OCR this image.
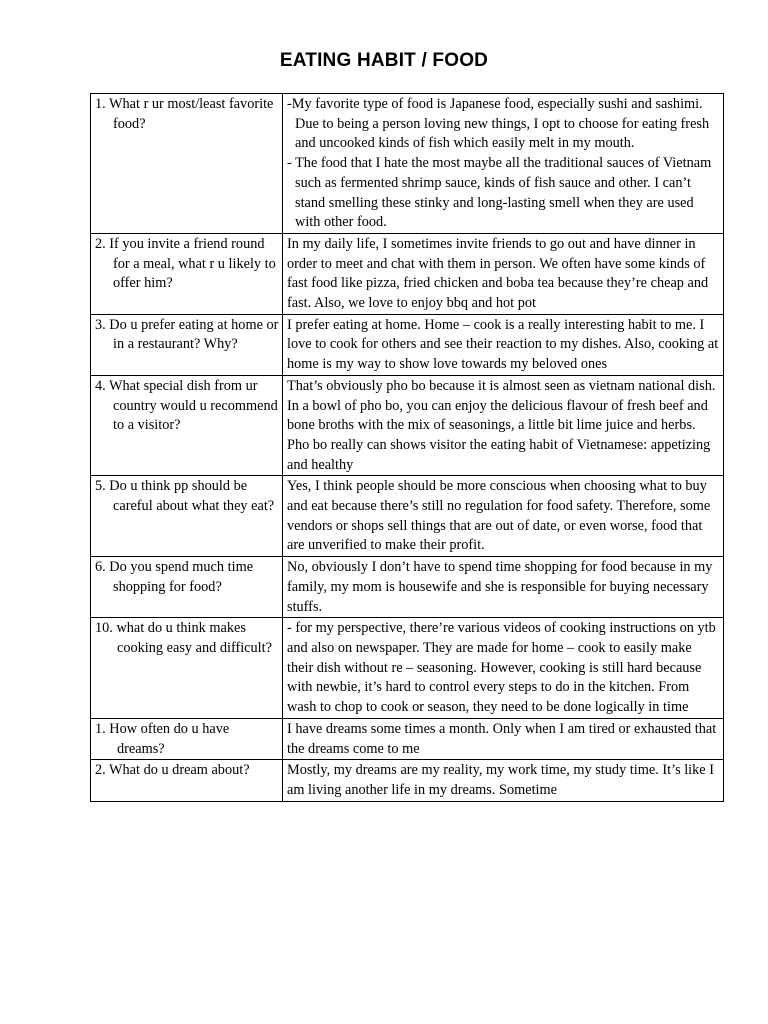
EATING HABIT / FOOD
1. What r ur most/least favorite food?	-My favorite type of food is Japanese food, especially sushi and sashimi. Due to being a person loving new things, I opt to choose for eating fresh and uncooked kinds of fish which easily melt in my mouth.
- The food that I hate the most maybe all the traditional sauces of Vietnam such as fermented shrimp sauce, kinds of fish sauce and other. I can’t stand smelling these stinky and long-lasting smell when they are used with other food.

2. If you invite a friend round for a meal, what r u likely to offer him?	In my daily life, I sometimes invite friends to go out and have dinner in order to meet and chat with them in person. We often have some kinds of fast food like pizza, fried chicken and boba tea because they’re cheap and fast. Also, we love to enjoy bbq and hot pot

3. Do u prefer eating at home or in a restaurant? Why?	I prefer eating at home. Home – cook is a really interesting habit to me. I love to cook for others and see their reaction to my dishes. Also, cooking at home is my way to show love towards my beloved ones

4. What special dish from ur country would u recommend to a visitor?	That’s obviously pho bo because it is almost seen as vietnam national dish. In a bowl of pho bo, you can enjoy the delicious flavour of fresh beef and bone broths with the mix of seasonings, a little bit lime juice and herbs. Pho bo really can shows visitor the eating habit of Vietnamese: appetizing and healthy

5. Do u think pp should be careful about what they eat?	Yes, I think people should be more conscious when choosing what to buy and eat because there’s still no regulation for food safety. Therefore, some vendors or shops sell things that are out of date, or even worse, food that are unverified to make their profit.

6. Do you spend much time shopping for food?	No, obviously I don’t have to spend time shopping for food because in my family, my mom is housewife and she is responsible for buying necessary stuffs.

10. what do u think makes cooking easy and difficult?	- for my perspective, there’re various videos of cooking instructions on ytb and also on newspaper. They are made for home – cook to easily make their dish without re – seasoning. However, cooking is still hard because with newbie, it’s hard to control every steps to do in the kitchen. From wash to chop to cook or season, they need to be done logically in time

1. How often do u have dreams?	I have dreams some times a month. Only when I am tired or exhausted that the dreams come to me

2. What do u dream about?	Mostly, my dreams are my reality, my work time, my study time. It’s like I am living another life in my dreams. Sometime
